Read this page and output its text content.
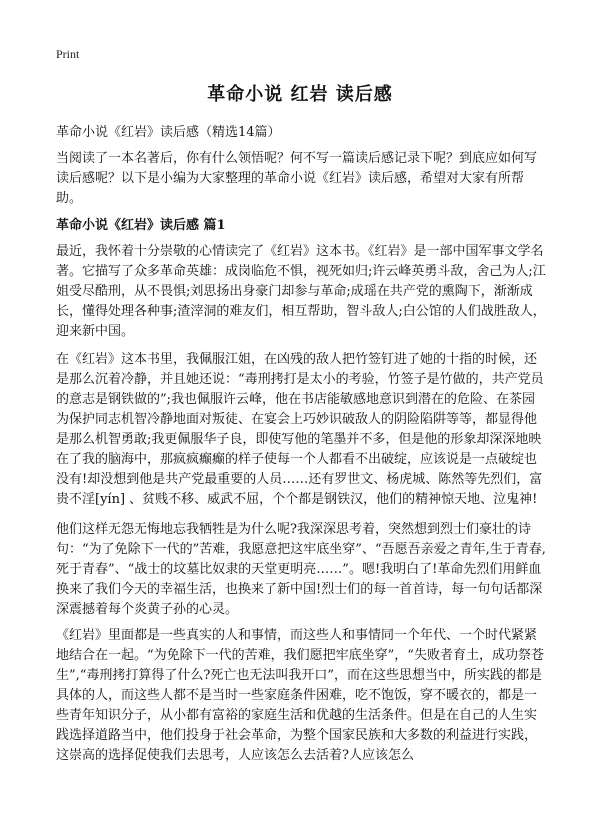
Print
革命小说 红岩 读后感
革命小说《红岩》读后感（精选14篇）
当阅读了一本名著后，你有什么领悟呢？何不写一篇读后感记录下呢？到底应如何写读后感呢？以下是小编为大家整理的革命小说《红岩》读后感，希望对大家有所帮助。
革命小说《红岩》读后感 篇1
最近，我怀着十分崇敬的心情读完了《红岩》这本书。《红岩》是一部中国军事文学名著。它描写了众多革命英雄：成岗临危不惧，视死如归;许云峰英勇斗敌，舍己为人;江姐受尽酷刑，从不畏惧;刘思扬出身豪门却参与革命;成瑶在共产党的熏陶下，渐渐成长，懂得处理各种事;渣滓洞的难友们，相互帮助，智斗敌人;白公馆的人们战胜敌人，迎来新中国。
在《红岩》这本书里，我佩服江姐，在凶残的敌人把竹签钉进了她的十指的时候，还是那么沉着冷静，并且她还说：“毒刑拷打是太小的考验，竹签子是竹做的，共产党员的意志是钢铁做的”;我也佩服许云峰，他在书店能敏感地意识到潜在的危险、在茶园为保护同志机智冷静地面对叛徒、在宴会上巧妙识破敌人的阴险陷阱等等，都显得他是那么机智勇敢;我更佩服华子良，即使写他的笔墨并不多，但是他的形象却深深地映在了我的脑海中，那疯疯癫癫的样子使每一个人都看不出破绽，应该说是一点破绽也没有!却没想到他是共产党最重要的人员……还有罗世文、杨虎城、陈然等先烈们，富贵不淫[yín] 、贫贱不移、威武不屈，个个都是钢铁汉，他们的精神惊天地、泣鬼神!
他们这样无怨无悔地忘我牺牲是为什么呢?我深深思考着，突然想到烈士们豪壮的诗句：“为了免除下一代的”苦难，我愿意把这牢底坐穿”、“吾愿吾亲爱之青年,生于青春,死于青春”、“战士的坟墓比奴隶的天堂更明亮……”。嗯!我明白了!革命先烈们用鲜血换来了我们今天的幸福生活，也换来了新中国!烈士们的每一首首诗，每一句句话都深深震撼着每个炎黄子孙的心灵。
《红岩》里面都是一些真实的人和事情，而这些人和事情同一个年代、一个时代紧紧地结合在一起。“为免除下一代的苦难，我们愿把牢底坐穿”，“失败者育土，成功祭苍生”,“毒刑拷打算得了什么?死亡也无法叫我开口”，而在这些思想当中，所实践的都是具体的人，而这些人都不是当时一些家庭条件困难，吃不饱饭，穿不暖衣的，都是一些青年知识分子，从小都有富裕的家庭生活和优越的生活条件。但是在自己的人生实践选择道路当中，他们投身于社会革命，为整个国家民族和大多数的利益进行实践，这崇高的选择促使我们去思考，人应该怎么去活着?人应该怎么
